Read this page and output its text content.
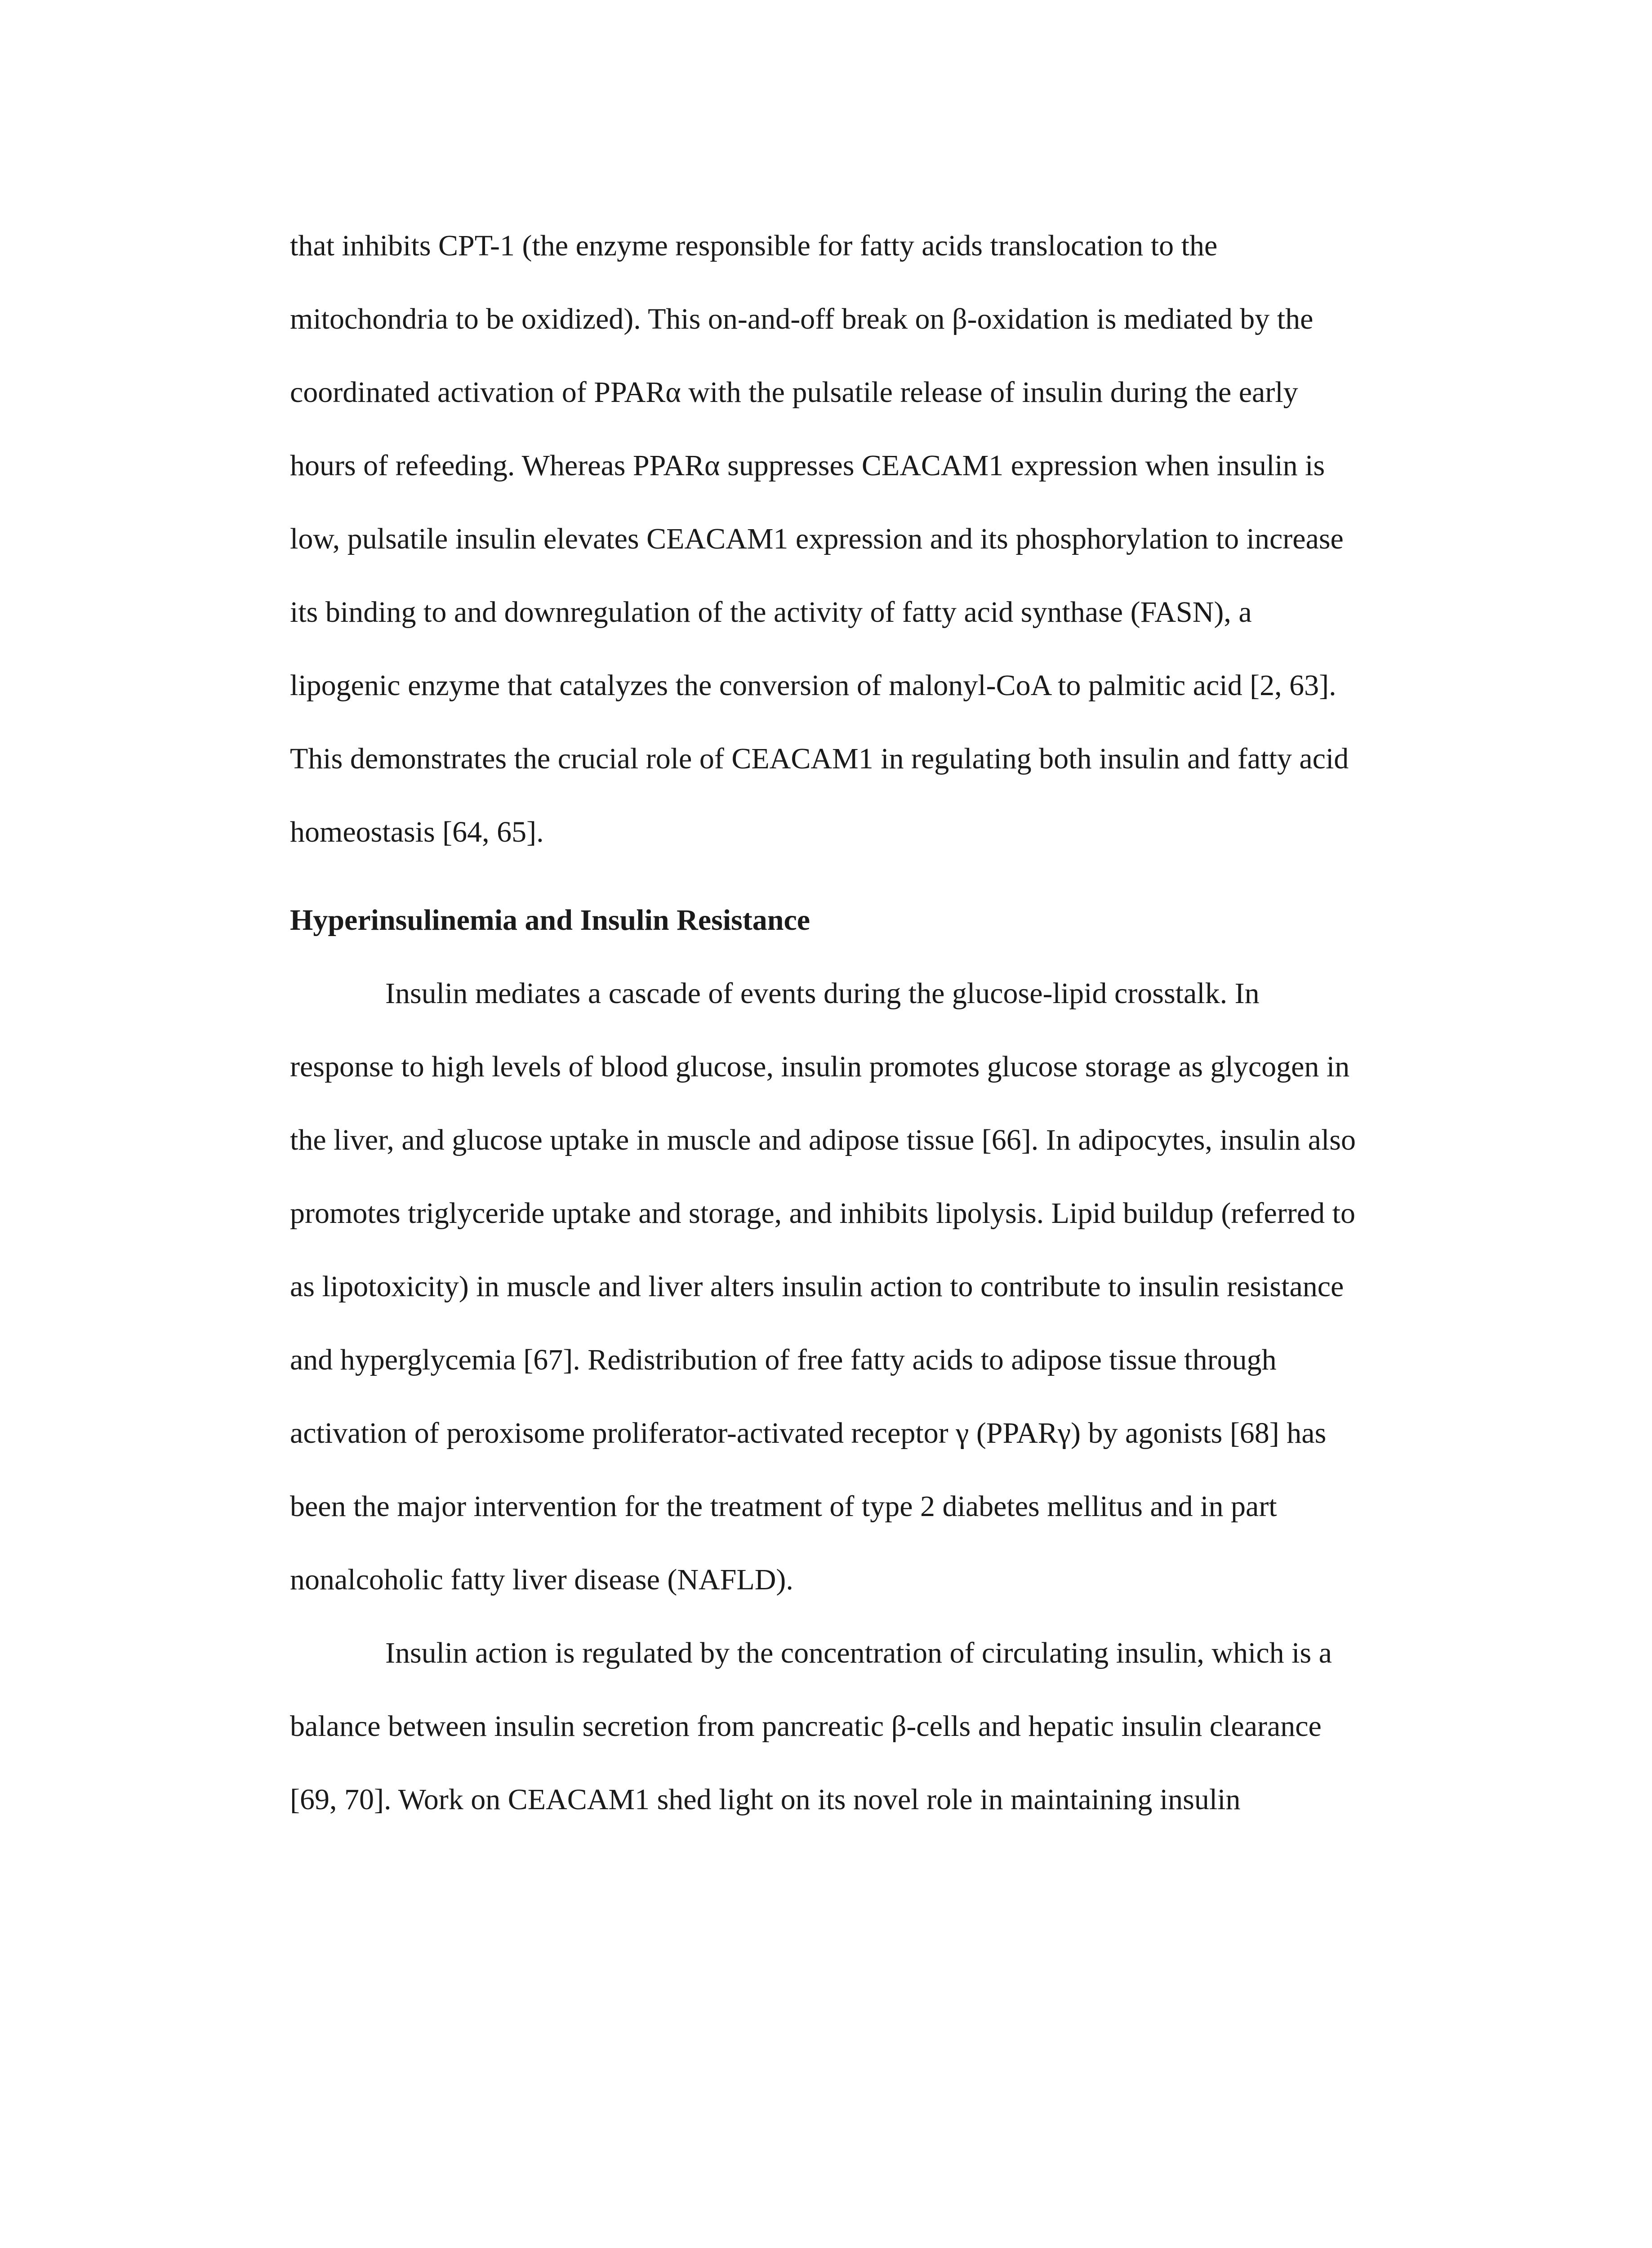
that inhibits CPT-1 (the enzyme responsible for fatty acids translocation to the
mitochondria to be oxidized). This on-and-off break on β-oxidation is mediated by the
coordinated activation of PPARα with the pulsatile release of insulin during the early
hours of refeeding. Whereas PPARα suppresses CEACAM1 expression when insulin is
low, pulsatile insulin elevates CEACAM1 expression and its phosphorylation to increase
its binding to and downregulation of the activity of fatty acid synthase (FASN), a
lipogenic enzyme that catalyzes the conversion of malonyl-CoA to palmitic acid [2, 63].
This demonstrates the crucial role of CEACAM1 in regulating both insulin and fatty acid
homeostasis [64, 65].
Hyperinsulinemia and Insulin Resistance
Insulin mediates a cascade of events during the glucose-lipid crosstalk. In
response to high levels of blood glucose, insulin promotes glucose storage as glycogen in
the liver, and glucose uptake in muscle and adipose tissue [66]. In adipocytes, insulin also
promotes triglyceride uptake and storage, and inhibits lipolysis. Lipid buildup (referred to
as lipotoxicity) in muscle and liver alters insulin action to contribute to insulin resistance
and hyperglycemia [67]. Redistribution of free fatty acids to adipose tissue through
activation of peroxisome proliferator-activated receptor γ (PPARγ) by agonists [68] has
been the major intervention for the treatment of type 2 diabetes mellitus and in part
nonalcoholic fatty liver disease (NAFLD).
Insulin action is regulated by the concentration of circulating insulin, which is a
balance between insulin secretion from pancreatic β-cells and hepatic insulin clearance
[69, 70]. Work on CEACAM1 shed light on its novel role in maintaining insulin
